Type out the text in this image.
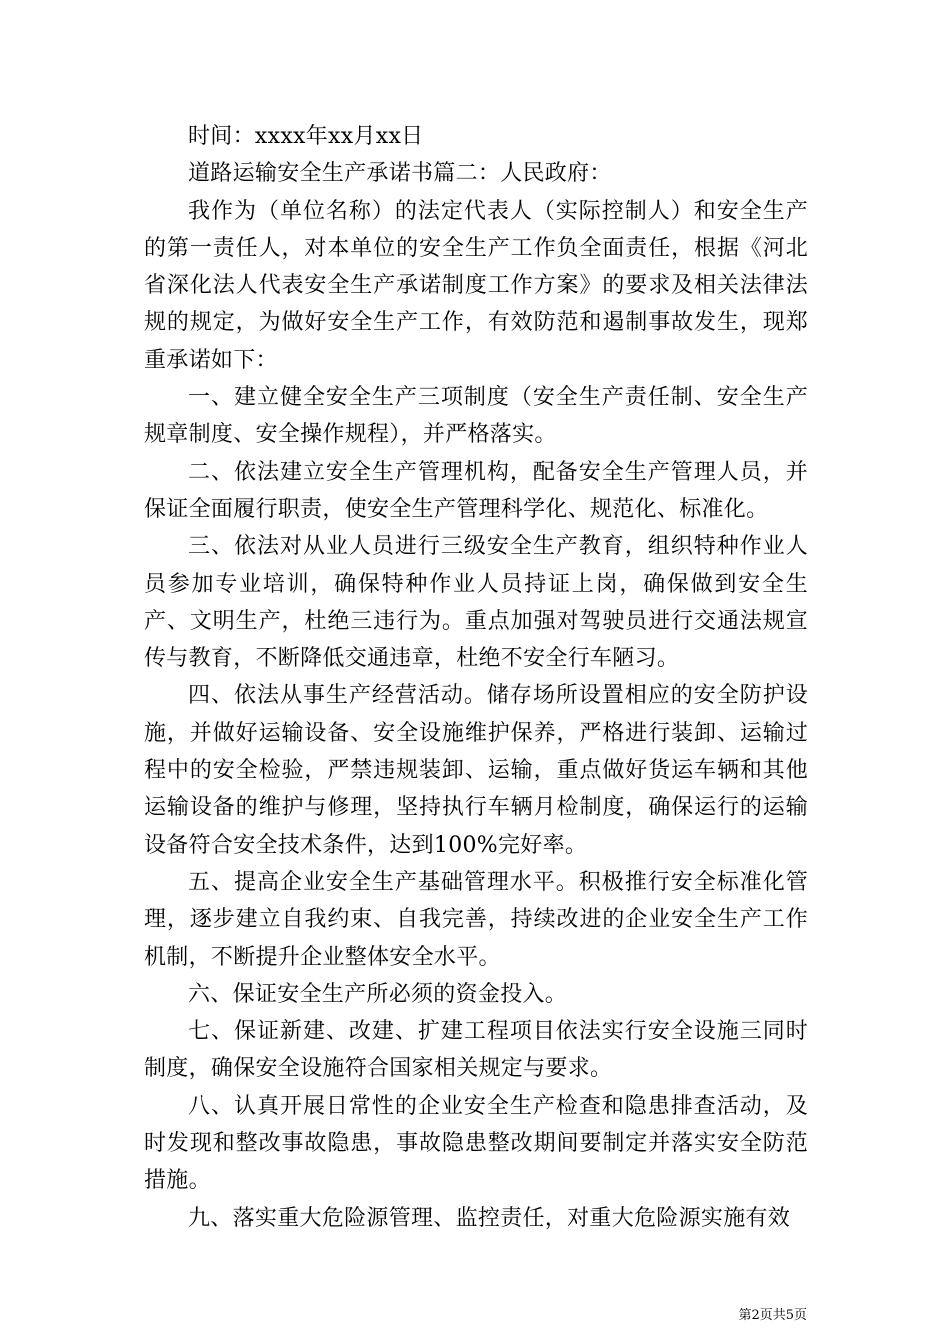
时间：xxxx年xx月xx日

道路运输安全生产承诺书篇二：人民政府：

我作为（单位名称）的法定代表人（实际控制人）和安全生产的第一责任人，对本单位的安全生产工作负全面责任，根据《河北省深化法人代表安全生产承诺制度工作方案》的要求及相关法律法规的规定，为做好安全生产工作，有效防范和遏制事故发生，现郑重承诺如下：

一、建立健全安全生产三项制度（安全生产责任制、安全生产规章制度、安全操作规程），并严格落实。

二、依法建立安全生产管理机构，配备安全生产管理人员，并保证全面履行职责，使安全生产管理科学化、规范化、标准化。

三、依法对从业人员进行三级安全生产教育，组织特种作业人员参加专业培训，确保特种作业人员持证上岗，确保做到安全生产、文明生产，杜绝三违行为。重点加强对驾驶员进行交通法规宣传与教育，不断降低交通违章，杜绝不安全行车陋习。

四、依法从事生产经营活动。储存场所设置相应的安全防护设施，并做好运输设备、安全设施维护保养，严格进行装卸、运输过程中的安全检验，严禁违规装卸、运输，重点做好货运车辆和其他运输设备的维护与修理，坚持执行车辆月检制度，确保运行的运输设备符合安全技术条件，达到100%完好率。

五、提高企业安全生产基础管理水平。积极推行安全标准化管理，逐步建立自我约束、自我完善，持续改进的企业安全生产工作机制，不断提升企业整体安全水平。

六、保证安全生产所必须的资金投入。

七、保证新建、改建、扩建工程项目依法实行安全设施三同时制度，确保安全设施符合国家相关规定与要求。

八、认真开展日常性的企业安全生产检查和隐患排查活动，及时发现和整改事故隐患，事故隐患整改期间要制定并落实安全防范措施。

九、落实重大危险源管理、监控责任，对重大危险源实施有效

第2页共5页
